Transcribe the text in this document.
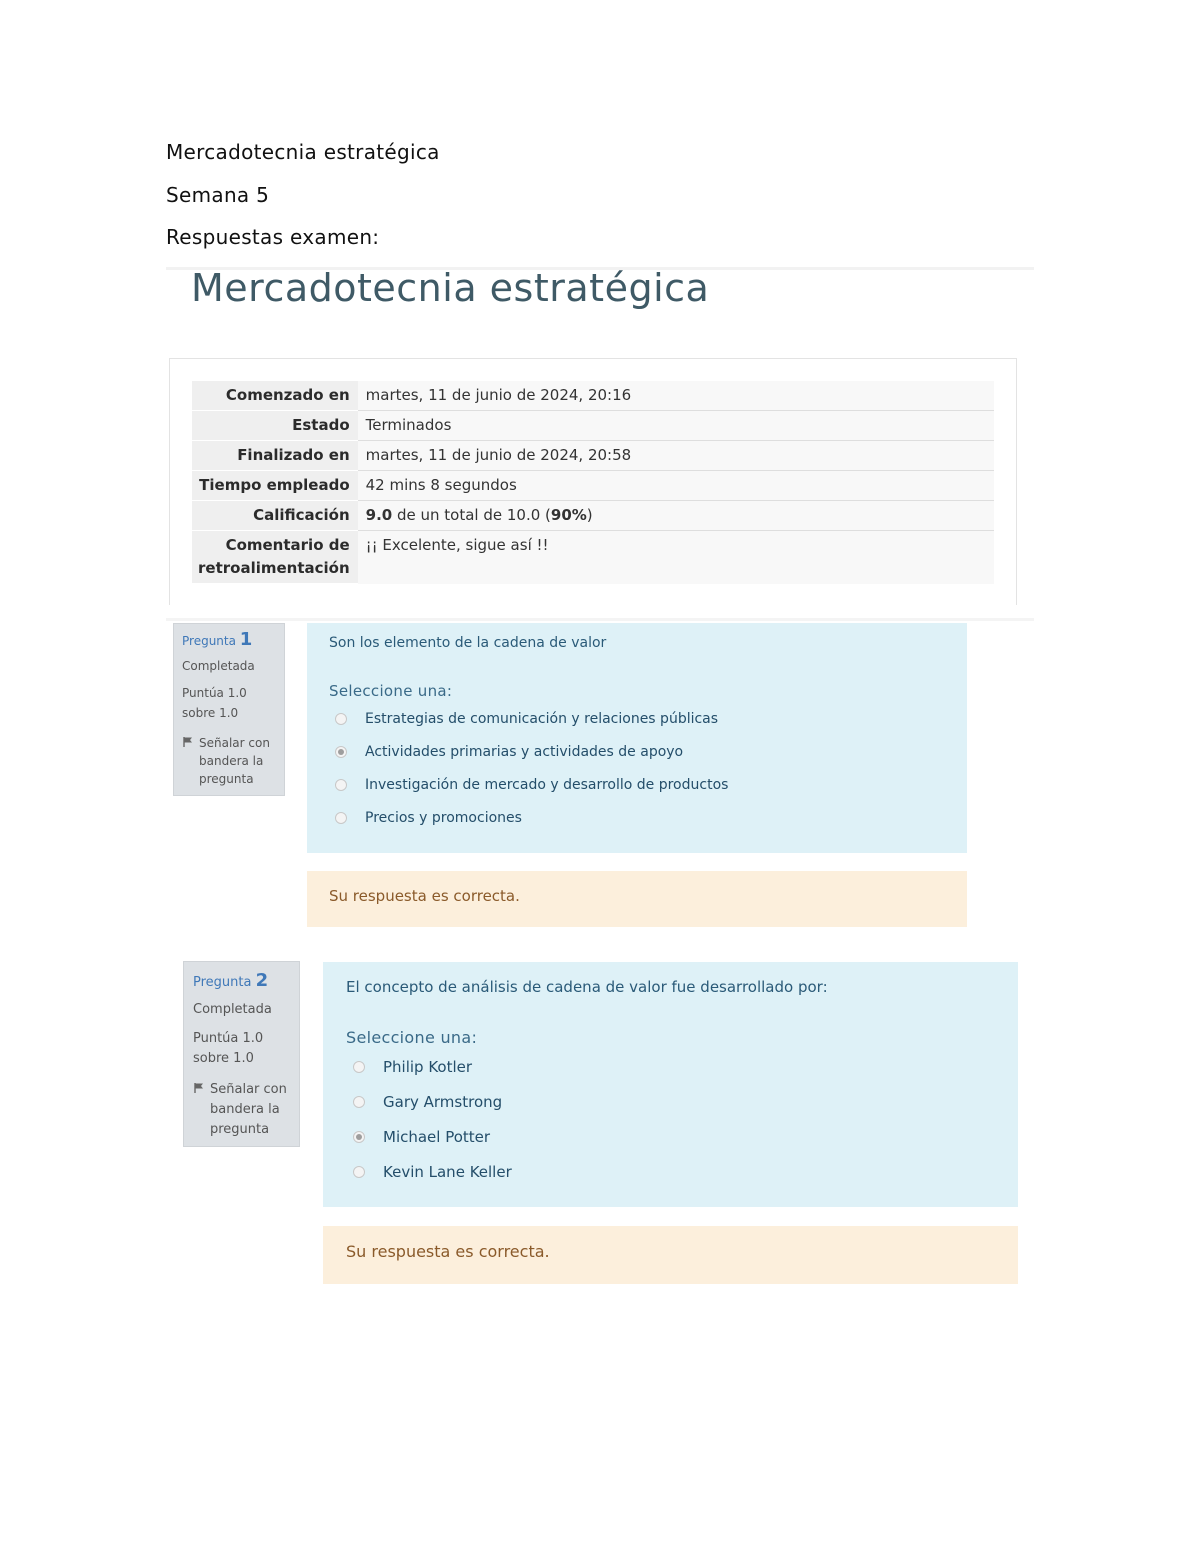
Mercadotecnia estratégica
Semana 5
Respuestas examen:
Mercadotecnia estratégica
Comenzado en	martes, 11 de junio de 2024, 20:16
Estado	Terminados
Finalizado en	martes, 11 de junio de 2024, 20:58
Tiempo empleado	42 mins 8 segundos
Calificación	9.0 de un total de 10.0 (90%)
Comentario de retroalimentación	¡¡ Excelente, sigue así !!

Pregunta 1

Completada

Puntúa 1.0

sobre 1.0

Señalar con bandera la pregunta
Son los elemento de la cadena de valor
Seleccione una:
Estrategias de comunicación y relaciones públicas
Actividades primarias y actividades de apoyo
Investigación de mercado y desarrollo de productos
Precios y promociones
Su respuesta es correcta.

Pregunta 2

Completada

Puntúa 1.0

sobre 1.0

Señalar con bandera la pregunta
El concepto de análisis de cadena de valor fue desarrollado por:
Seleccione una:
Philip Kotler
Gary Armstrong
Michael Potter
Kevin Lane Keller
Su respuesta es correcta.
